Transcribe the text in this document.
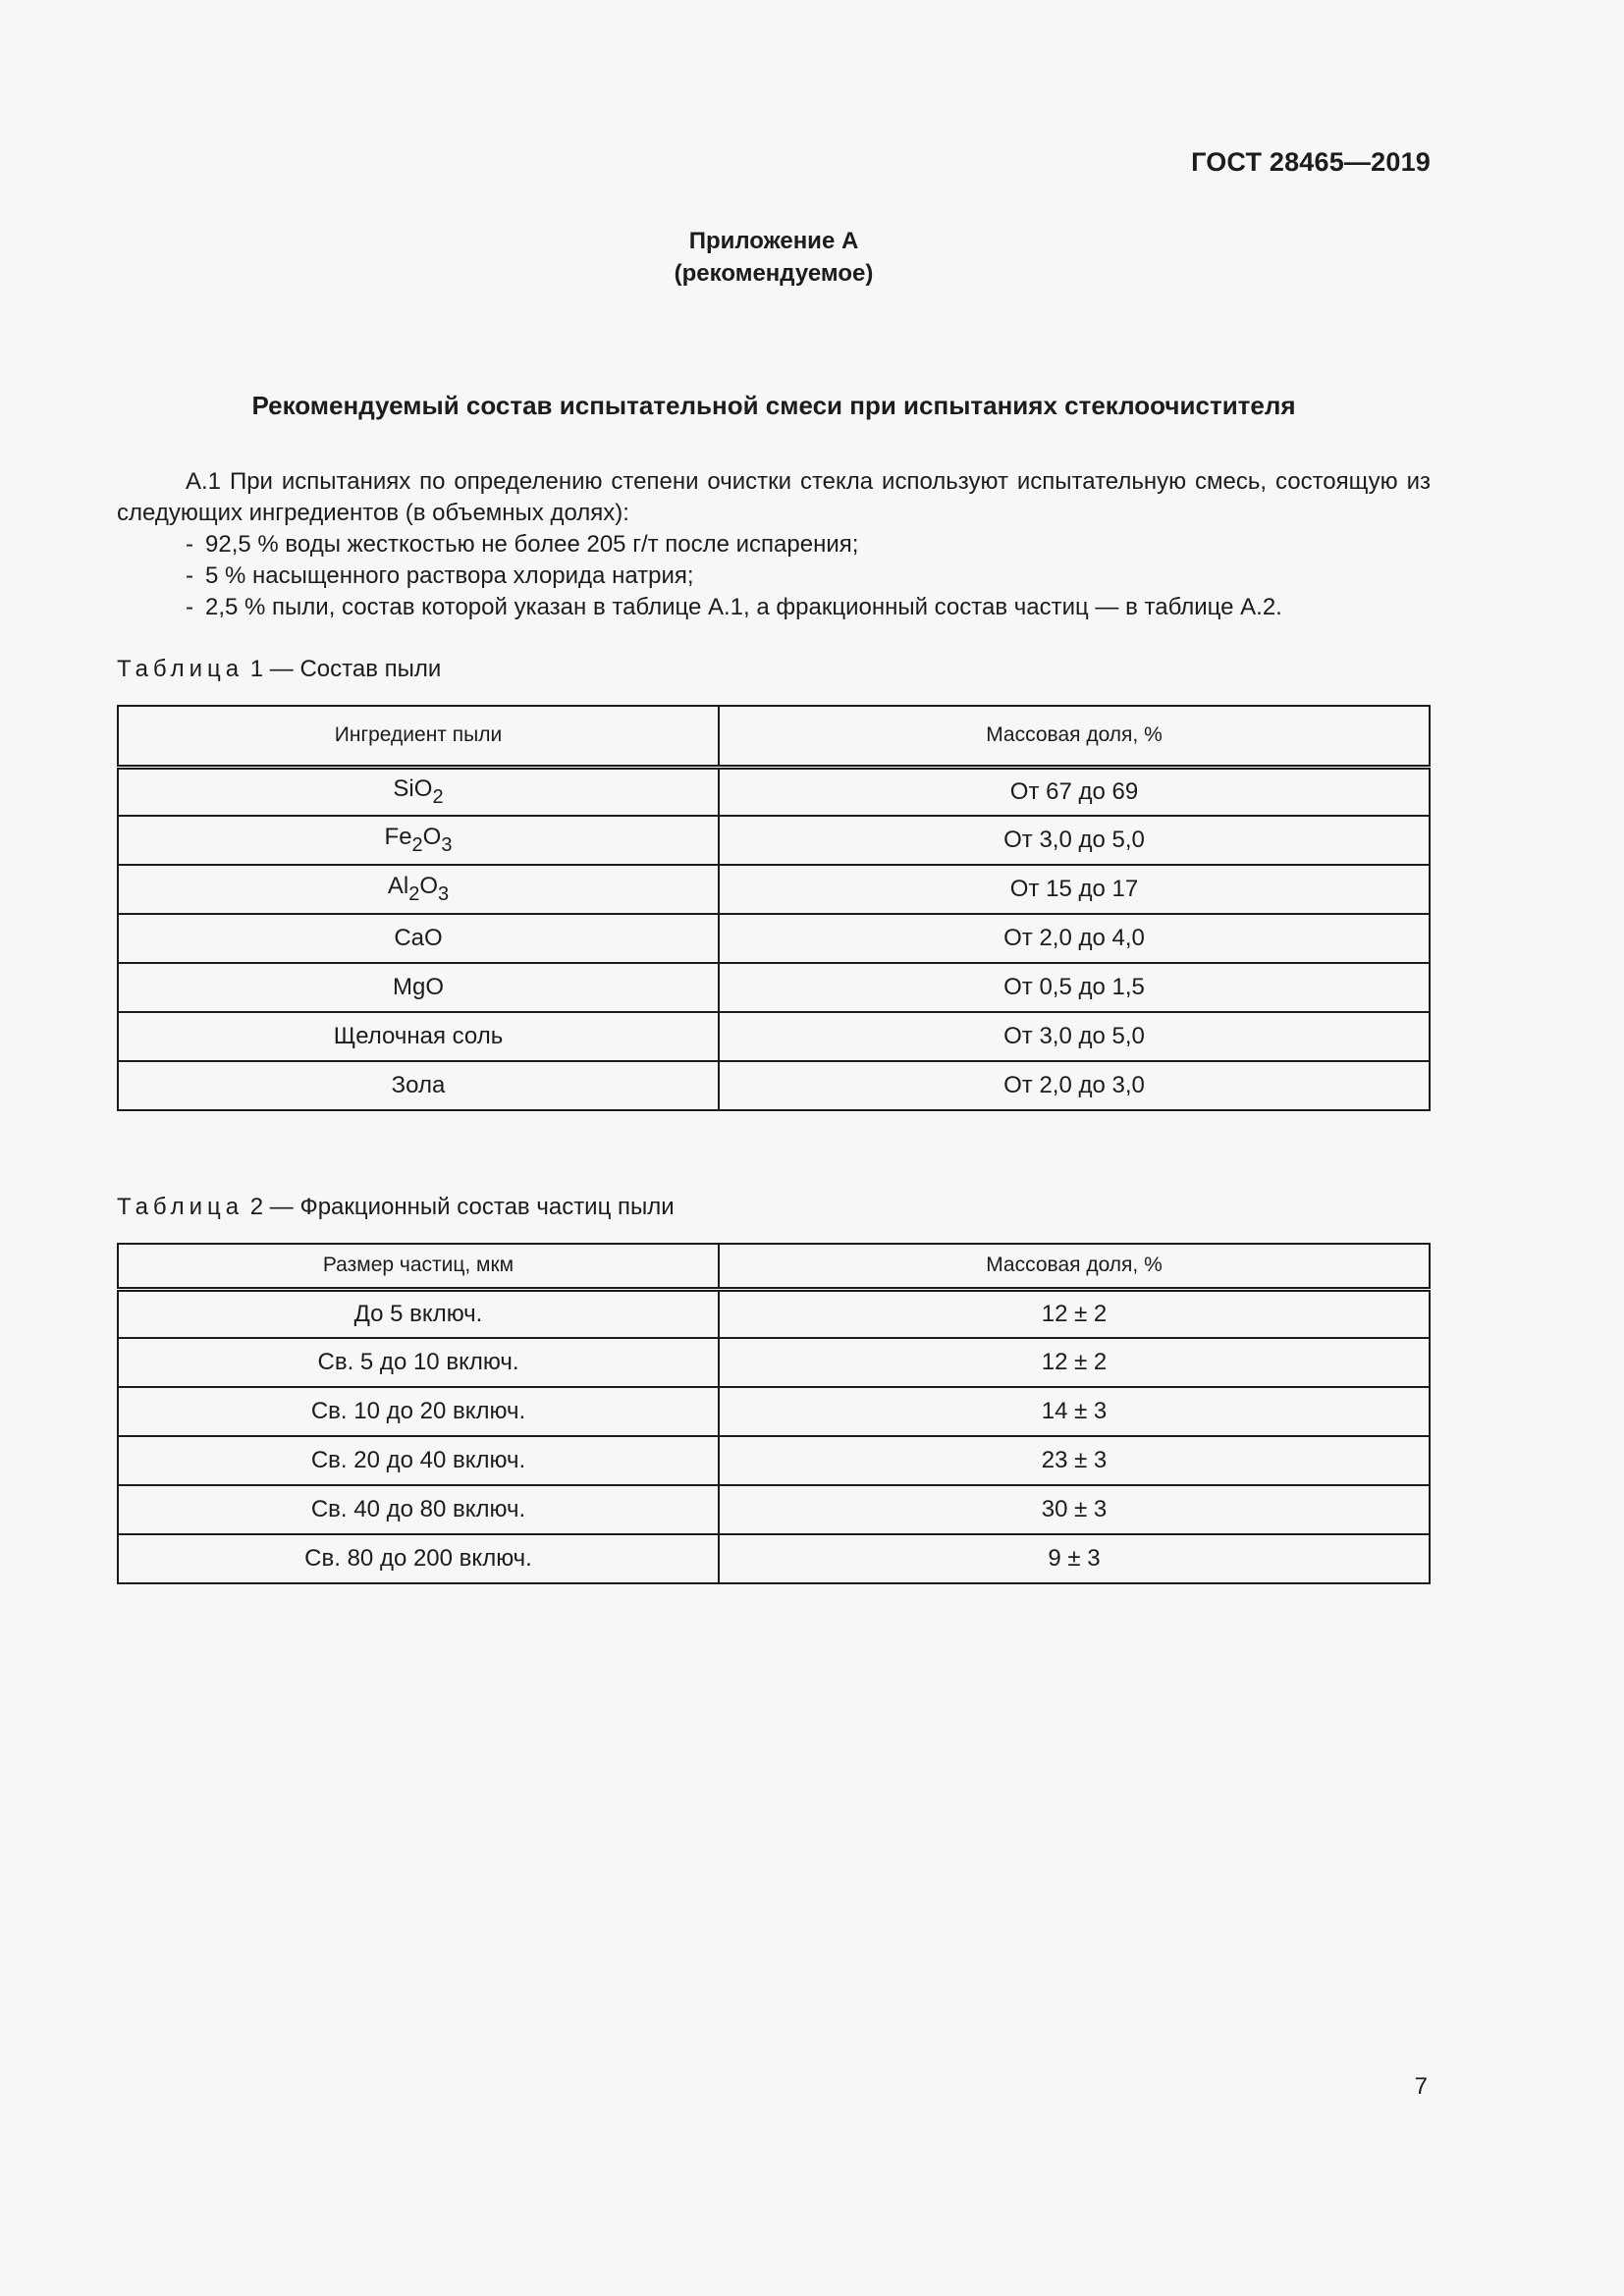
ГОСТ 28465—2019
Приложение А
(рекомендуемое)
Рекомендуемый состав испытательной смеси при испытаниях стеклоочистителя
А.1 При испытаниях по определению степени очистки стекла используют испытательную смесь, состоящую из следующих ингредиентов (в объемных долях):
- 92,5 % воды жесткостью не более 205 г/т после испарения;
- 5 % насыщенного раствора хлорида натрия;
- 2,5 % пыли, состав которой указан в таблице А.1, а фракционный состав частиц — в таблице А.2.
Таблица 1 — Состав пыли
Ингредиент пыли	Массовая доля, %
SiO$_2$	От 67 до 69
$Fe_2O_3$	От 3,0 до 5,0
$Al_2O_3$	От 15 до 17
CaO	От 2,0 до 4,0
MgO	От 0,5 до 1,5
Щелочная соль	От 3,0 до 5,0
Зола	От 2,0 до 3,0
Таблица 2 — Фракционный состав частиц пыли
Размер частиц, мкм	Массовая доля, %
До 5 включ.	12 ± 2
Св. 5 до 10 включ.	12 ± 2
Св. 10 до 20 включ.	14 ± 3
Св. 20 до 40 включ.	23 ± 3
Св. 40 до 80 включ.	30 ± 3
Св. 80 до 200 включ.	9 ± 3
7
